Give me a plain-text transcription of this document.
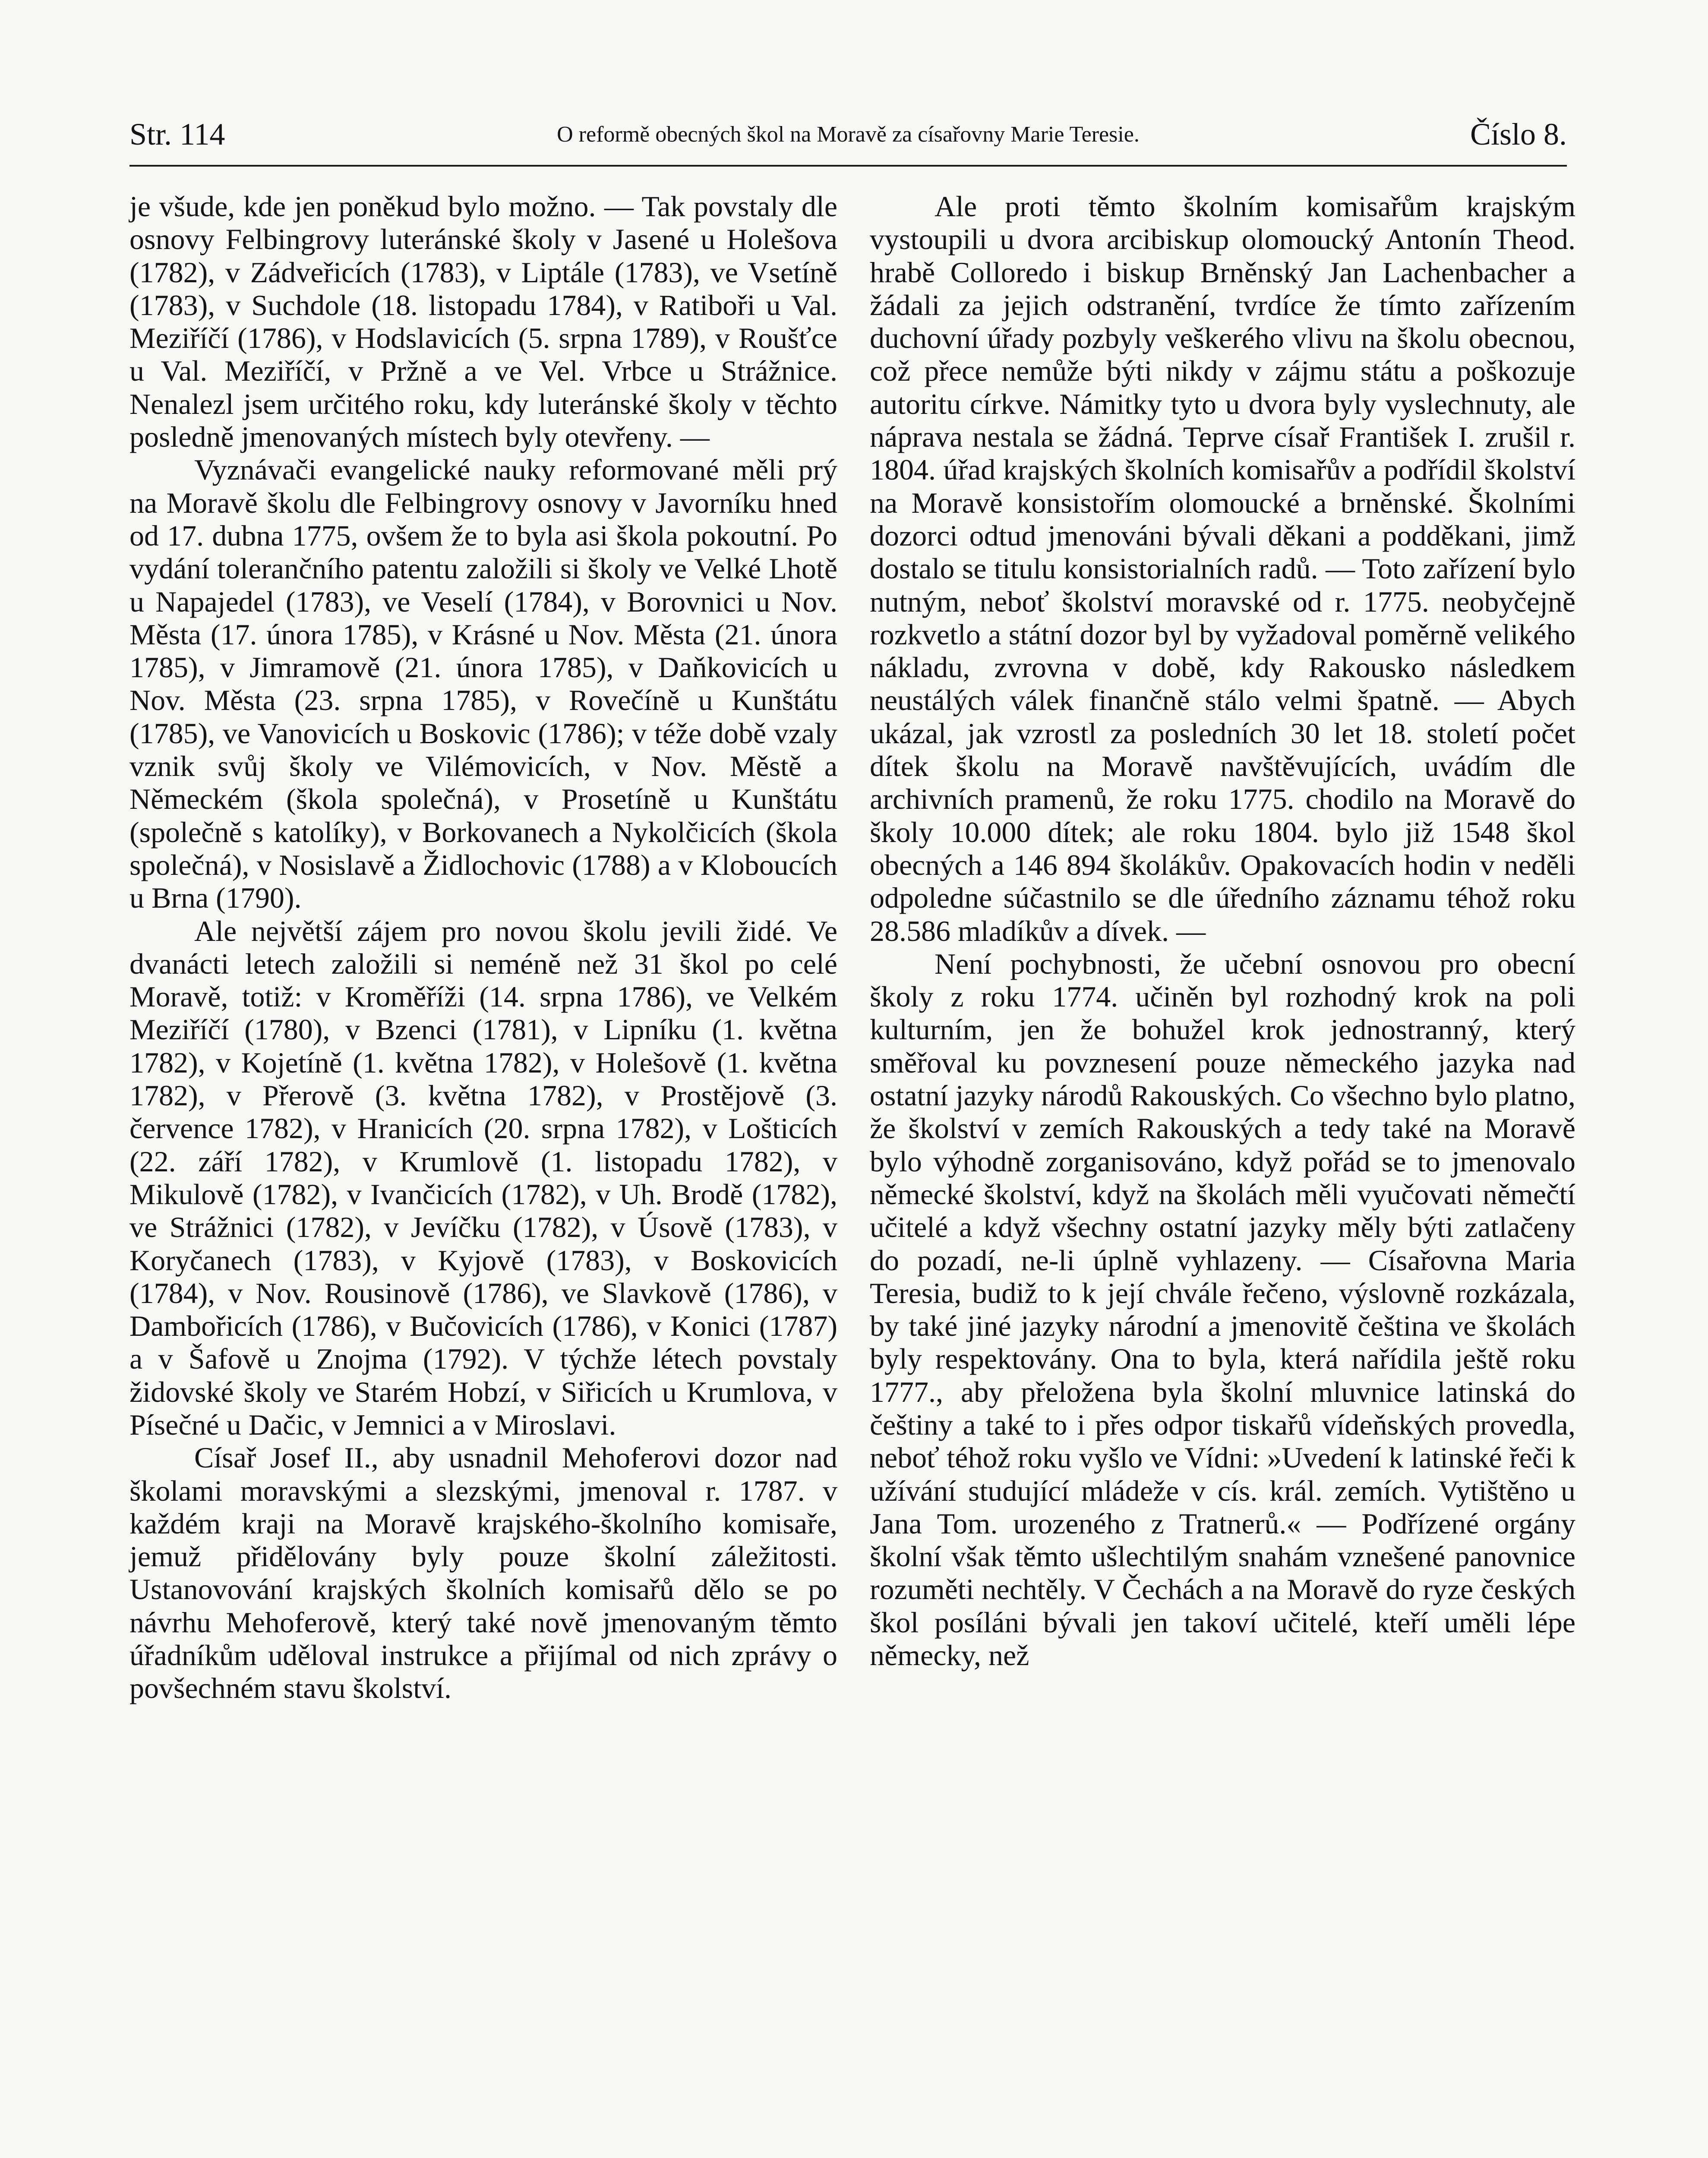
Str. 114	O reformě obecných škol na Moravě za císařovny Marie Teresie.	Číslo 8.

je všude, kde jen poněkud bylo možno. — Tak povstaly dle osnovy Felbingrovy luteránské školy v Jasené u Holešova (1782), v Zádveřicích (1783), v Liptále (1783), ve Vsetíně (1783), v Suchdole (18. listopadu 1784), v Ratiboři u Val. Meziříčí (1786), v Hodslavicích (5. srpna 1789), v Roušťce u Val. Meziříčí, v Pržně a ve Vel. Vrbce u Strážnice. Nenalezl jsem určitého roku, kdy luteránské školy v těchto posledně jmenovaných místech byly otevřeny. —

Vyznávači evangelické nauky reformované měli prý na Moravě školu dle Felbingrovy osnovy v Javorníku hned od 17. dubna 1775, ovšem že to byla asi škola pokoutní. Po vydání tolerančního patentu založili si školy ve Velké Lhotě u Napajedel (1783), ve Veselí (1784), v Borovnici u Nov. Města (17. února 1785), v Krásné u Nov. Města (21. února 1785), v Jimramově (21. února 1785), v Daňkovicích u Nov. Města (23. srpna 1785), v Rovečíně u Kunštátu (1785), ve Vanovicích u Boskovic (1786); v téže době vzaly vznik svůj školy ve Vilémovicích, v Nov. Městě a Německém (škola společná), v Prosetíně u Kunštátu (společně s katolíky), v Borkovanech a Nykolčicích (škola společná), v Nosislavě a Židlochovic (1788) a v Kloboucích u Brna (1790).

Ale největší zájem pro novou školu jevili židé. Ve dvanácti letech založili si neméně než 31 škol po celé Moravě, totiž: v Kroměříži (14. srpna 1786), ve Velkém Meziříčí (1780), v Bzenci (1781), v Lipníku (1. května 1782), v Kojetíně (1. května 1782), v Holešově (1. května 1782), v Přerově (3. května 1782), v Prostějově (3. července 1782), v Hranicích (20. srpna 1782), v Lošticích (22. září 1782), v Krumlově (1. listopadu 1782), v Mikulově (1782), v Ivančicích (1782), v Uh. Brodě (1782), ve Strážnici (1782), v Jevíčku (1782), v Úsově (1783), v Koryčanech (1783), v Kyjově (1783), v Boskovicích (1784), v Nov. Rousinově (1786), ve Slavkově (1786), v Dambořicích (1786), v Bučovicích (1786), v Konici (1787) a v Šafově u Znojma (1792). V týchže létech povstaly židovské školy ve Starém Hobzí, v Siřicích u Krumlova, v Písečné u Dačic, v Jemnici a v Miroslavi.

Císař Josef II., aby usnadnil Mehoferovi dozor nad školami moravskými a slezskými, jmenoval r. 1787. v každém kraji na Moravě krajského-školního komisaře, jemuž přidělovány byly pouze školní záležitosti. Ustanovování krajských školních komisařů dělo se po návrhu Mehoferově, který také nově jmenovaným těmto úřadníkům uděloval instrukce a přijímal od nich zprávy o povšechném stavu školství.

Ale proti těmto školním komisařům krajským vystoupili u dvora arcibiskup olomoucký Antonín Theod. hrabě Colloredo i biskup Brněnský Jan Lachenbacher a žádali za jejich odstranění, tvrdíce že tímto zařízením duchovní úřady pozbyly veškerého vlivu na školu obecnou, což přece nemůže býti nikdy v zájmu státu a poškozuje autoritu církve. Námitky tyto u dvora byly vyslechnuty, ale náprava nestala se žádná. Teprve císař František I. zrušil r. 1804. úřad krajských školních komisařův a podřídil školství na Moravě konsistořím olomoucké a brněnské. Školními dozorci odtud jmenováni bývali děkani a podděkani, jimž dostalo se titulu konsistorialních radů. — Toto zařízení bylo nutným, neboť školství moravské od r. 1775. neobyčejně rozkvetlo a státní dozor byl by vyžadoval poměrně velikého nákladu, zvrovna v době, kdy Rakousko následkem neustálých válek finančně stálo velmi špatně. — Abych ukázal, jak vzrostl za posledních 30 let 18. století počet dítek školu na Moravě navštěvujících, uvádím dle archivních pramenů, že roku 1775. chodilo na Moravě do školy 10.000 dítek; ale roku 1804. bylo již 1548 škol obecných a 146 894 školákův. Opakovacích hodin v neděli odpoledne súčastnilo se dle úředního záznamu téhož roku 28.586 mladíkův a dívek. —

Není pochybnosti, že učební osnovou pro obecní školy z roku 1774. učiněn byl rozhodný krok na poli kulturním, jen že bohužel krok jednostranný, který směřoval ku povznesení pouze německého jazyka nad ostatní jazyky národů Rakouských. Co všechno bylo platno, že školství v zemích Rakouských a tedy také na Moravě bylo výhodně zorganisováno, když pořád se to jmenovalo německé školství, když na školách měli vyučovati němečtí učitelé a když všechny ostatní jazyky měly býti zatlačeny do pozadí, ne-li úplně vyhlazeny. — Císařovna Maria Teresia, budiž to k její chvále řečeno, výslovně rozkázala, by také jiné jazyky národní a jmenovitě čeština ve školách byly respektovány. Ona to byla, která nařídila ještě roku 1777., aby přeložena byla školní mluvnice latinská do češtiny a také to i přes odpor tiskařů vídeňských provedla, neboť téhož roku vyšlo ve Vídni: »Uvedení k latinské řeči k užívání studující mládeže v cís. král. zemích. Vytištěno u Jana Tom. urozeného z Tratnerů.« — Podřízené orgány školní však těmto ušlechtilým snahám vznešené panovnice rozuměti nechtěly. V Čechách a na Moravě do ryze českých škol posíláni bývali jen takoví učitelé, kteří uměli lépe německy, než
